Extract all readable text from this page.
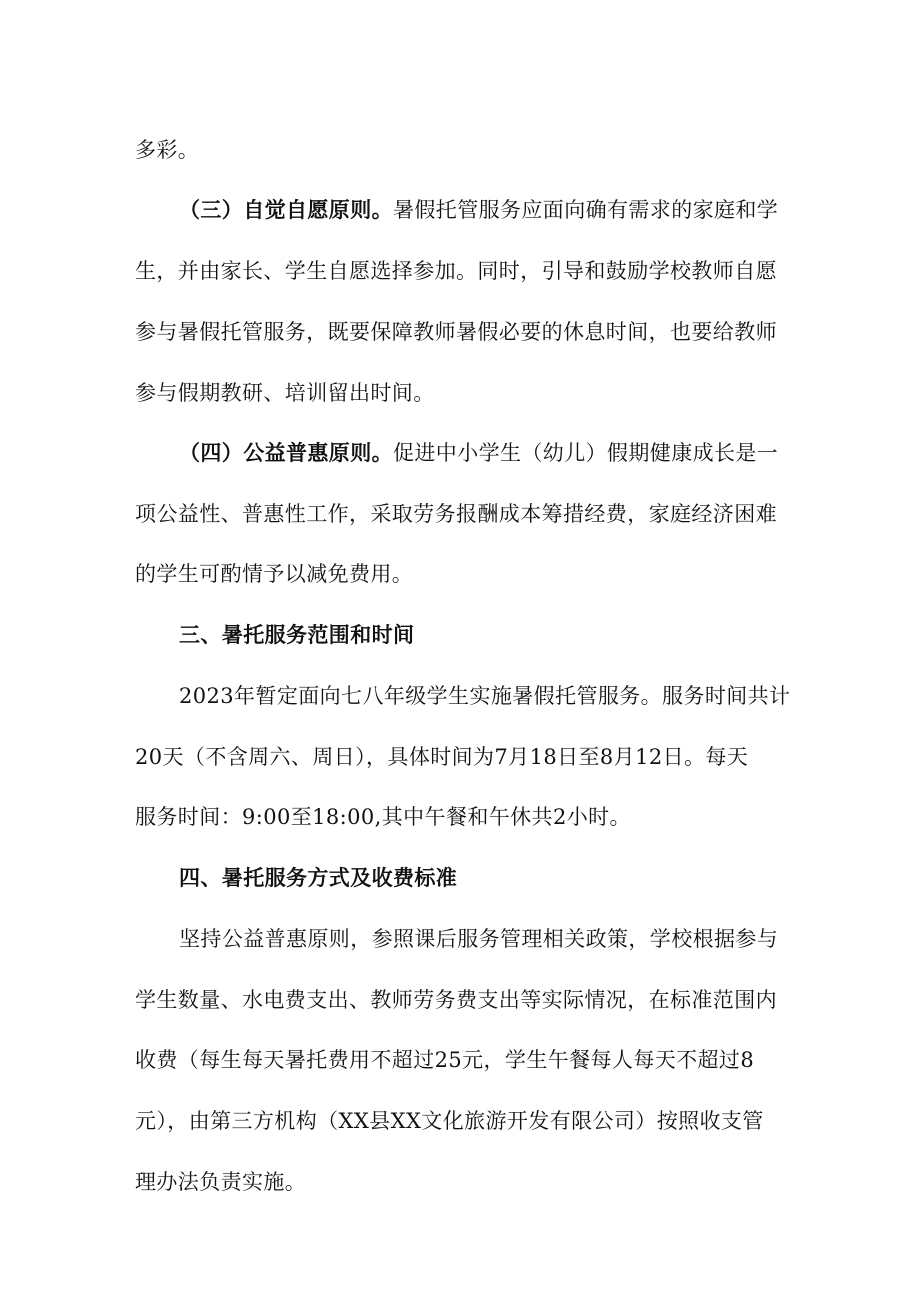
多彩。
（三）自觉自愿原则。暑假托管服务应面向确有需求的家庭和学
生，并由家长、学生自愿选择参加。同时，引导和鼓励学校教师自愿
参与暑假托管服务，既要保障教师暑假必要的休息时间，也要给教师
参与假期教研、培训留出时间。
（四）公益普惠原则。促进中小学生（幼儿）假期健康成长是一
项公益性、普惠性工作，采取劳务报酬成本筹措经费，家庭经济困难
的学生可酌情予以减免费用。
三、暑托服务范围和时间
2023年暂定面向七八年级学生实施暑假托管服务。服务时间共计
20天（不含周六、周日），具体时间为7月18日至8月12日。每天
服务时间：9:00至18:00,其中午餐和午休共2小时。
四、暑托服务方式及收费标准
坚持公益普惠原则，参照课后服务管理相关政策，学校根据参与
学生数量、水电费支出、教师劳务费支出等实际情况，在标准范围内
收费（每生每天暑托费用不超过25元，学生午餐每人每天不超过8
元），由第三方机构（XX县XX文化旅游开发有限公司）按照收支管
理办法负责实施。
